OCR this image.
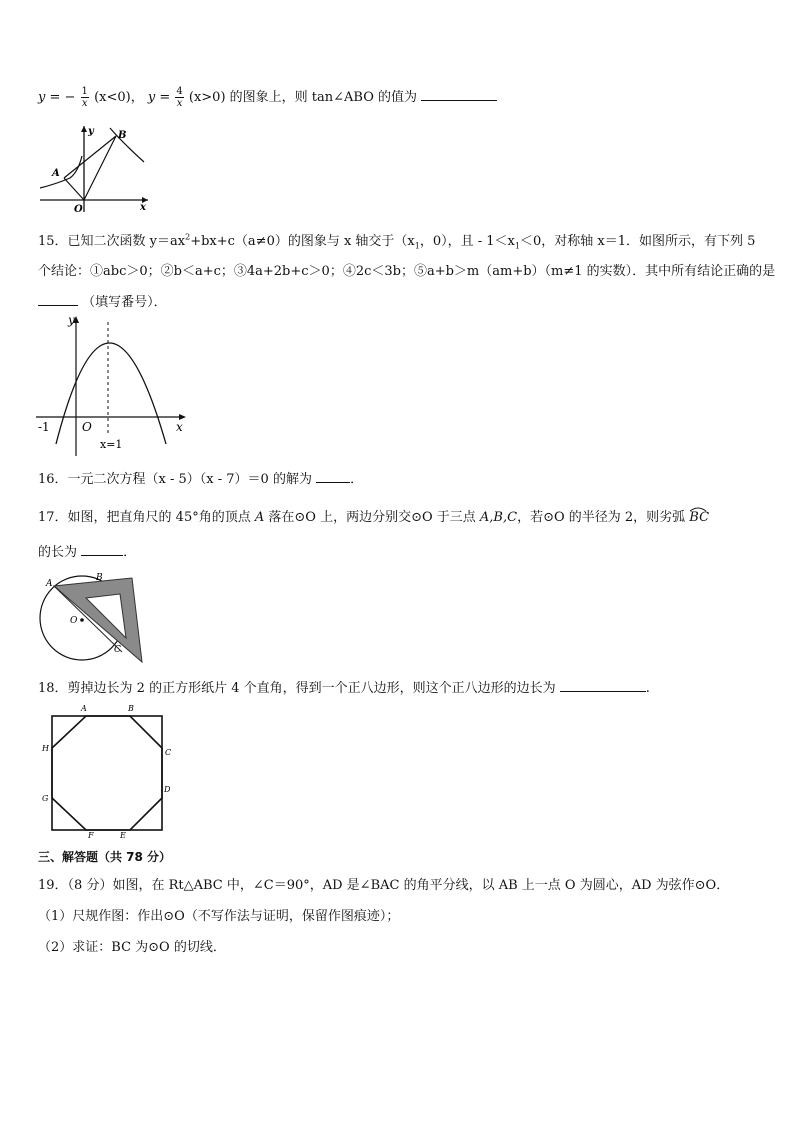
y = − $\frac{1}{x} (x<0)$， $y = \frac{4}{x} (x>0)$ 的图象上，则 tan∠ABO 的值为
y
x
A
B
O
15．已知二次函数 $y=ax^2+bx+c(a\ne 0)$的图象与 x 轴交于（$x_1$，0），且 - $1<x_1<0$，对称轴 x＝1．如图所示，有下列 5
个结论：①abc＞0；②b＜a+c；③4a+2b+c＞0；④2c＜3b；⑤a+b＞m（am+b）（m≠1 的实数）．其中所有结论正确的是
（填写番号）．
y
x
-1	O
x=1
16．一元二次方程（x - 5）（x - 7）＝0 的解为	．
17．如图，把直角尺的 45°角的顶点 A 落在⊙O 上，两边分别交⊙O 于三点 A,B,C，若⊙O 的半径为 2，则劣弧 BC
的长为	．
A
B
O
C
18．剪掉边长为 2 的正方形纸片 4 个直角，得到一个正八边形，则这个正八边形的边长为	.
A	B
C
D
E
F
G
H
三、解答题（共 78 分）
19．（8 分）如图，在 Rt△ABC 中，∠C＝90°，AD 是∠BAC 的角平分线，以 AB 上一点 O 为圆心，AD 为弦作⊙O．
（1）尺规作图：作出⊙O（不写作法与证明，保留作图痕迹）；
（2）求证：BC 为⊙O 的切线．
